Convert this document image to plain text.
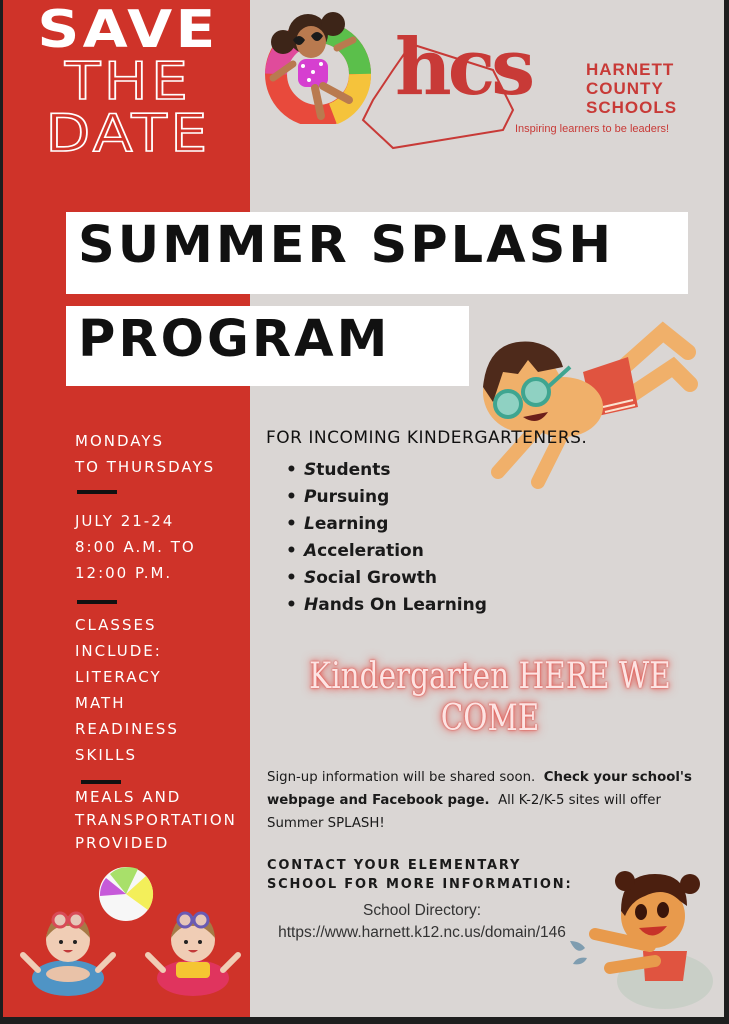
SAVE
THE
DATE
hcs	HARNETT
COUNTY
SCHOOLS
Inspiring learners to be leaders!
SUMMER SPLASH
PROGRAM
MONDAYS
TO THURSDAYS
JULY 21-24
8:00 A.M. TO
12:00 P.M.
CLASSES
INCLUDE:
LITERACY
MATH
READINESS
SKILLS
MEALS AND
TRANSPORTATION
PROVIDED
FOR INCOMING KINDERGARTENERS.
• Students
• Pursuing
• Learning
• Acceleration
• Social Growth
• Hands On Learning
Kindergarten HERE WE COME
Sign-up information will be shared soon. Check your school's webpage and Facebook page. All K-2/K-5 sites will offer Summer SPLASH!
CONTACT YOUR ELEMENTARY
SCHOOL FOR MORE INFORMATION:
School Directory:
https://www.harnett.k12.nc.us/domain/146
